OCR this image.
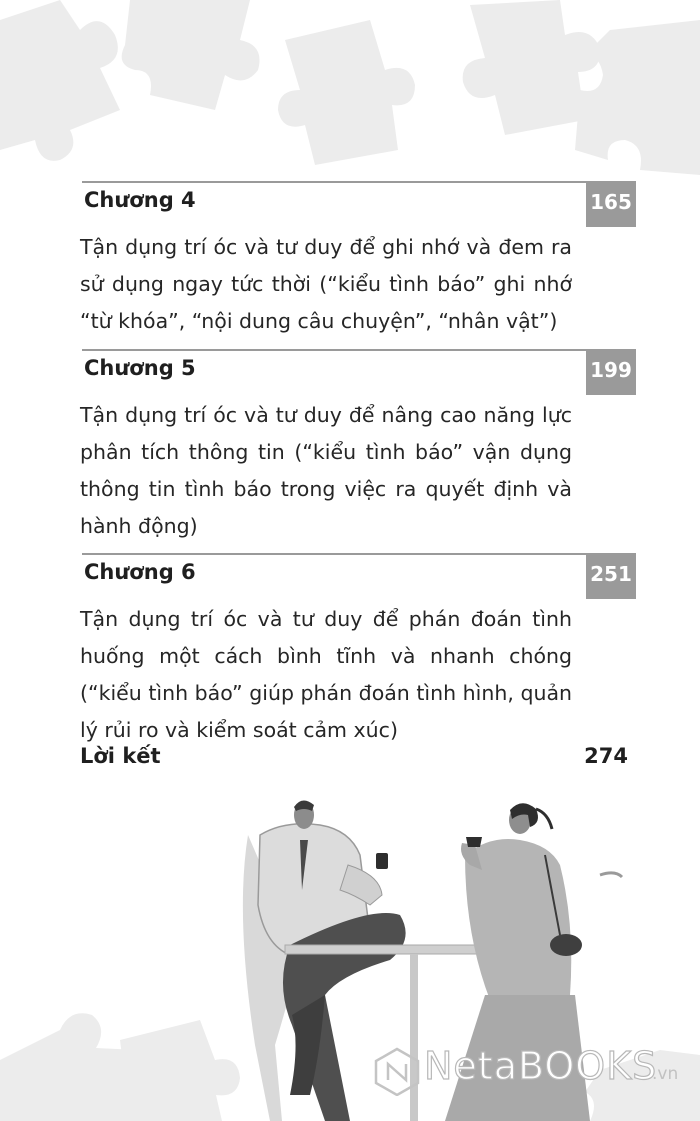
Chương 4	165
Tận dụng trí óc và tư duy để ghi nhớ và đem ra sử dụng ngay tức thời (“kiểu tình báo” ghi nhớ “từ khóa”, “nội dung câu chuyện”, “nhân vật”)
Chương 5	199
Tận dụng trí óc và tư duy để nâng cao năng lực phân tích thông tin (“kiểu tình báo” vận dụng thông tin tình báo trong việc ra quyết định và hành động)
Chương 6	251
Tận dụng trí óc và tư duy để phán đoán tình huống một cách bình tĩnh và nhanh chóng (“kiểu tình báo” giúp phán đoán tình hình, quản lý rủi ro và kiểm soát cảm xúc)
Lời kết	274
NetaBOOKS
.vn
